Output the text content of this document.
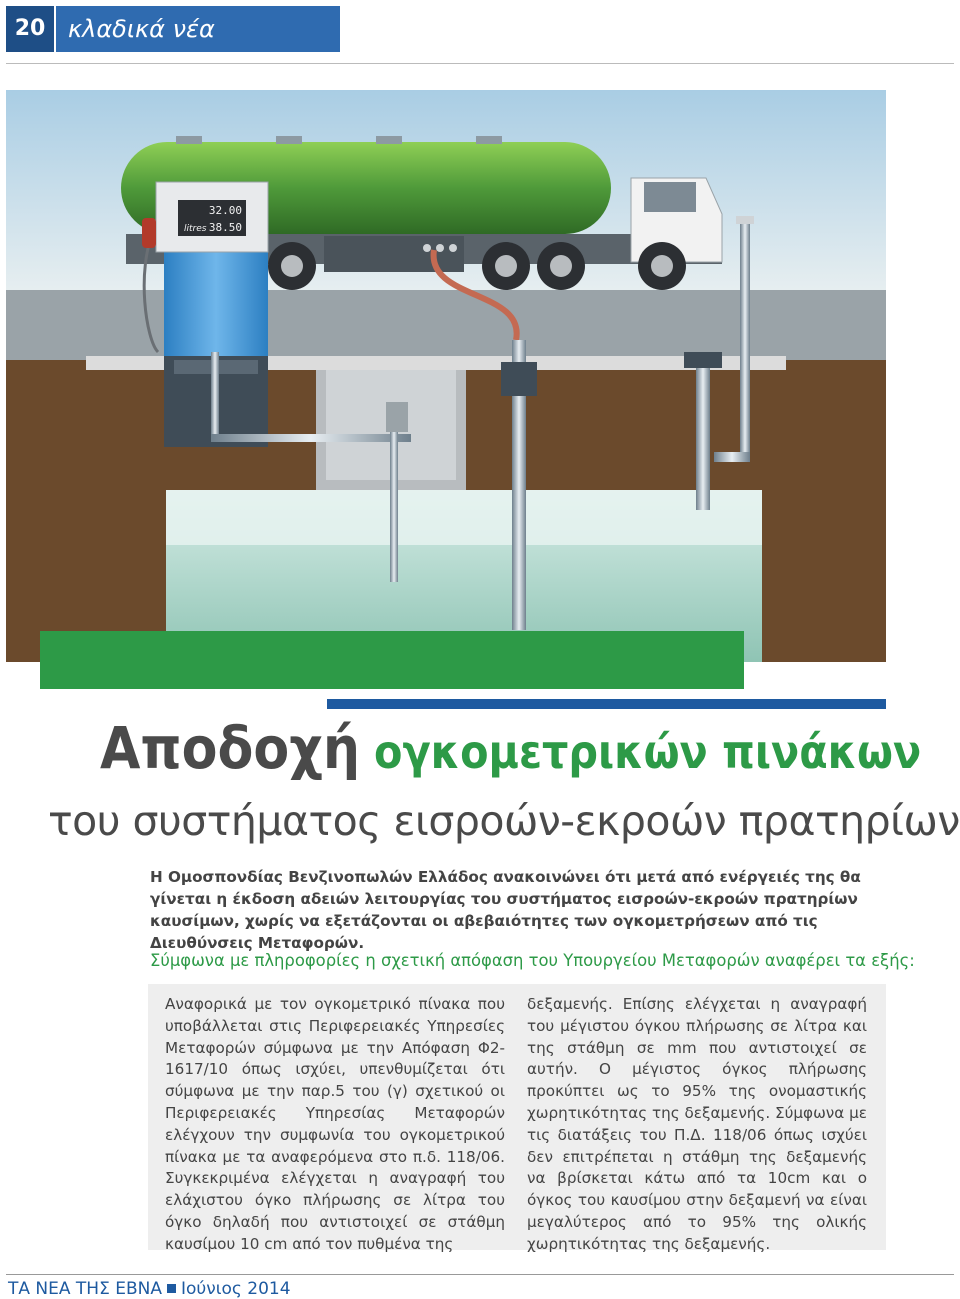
20 κλαδικά νέα
32.00
litres 38.50
Αποδοχή ογκομετρικών πινάκων
του συστήματος εισροών-εκροών πρατηρίων
Η Ομοσπονδίας Βενζινοπωλών Ελλάδος ανακοινώνει ότι μετά από ενέργειές της θα γίνεται η έκδοση αδειών λειτουργίας του συστήματος εισροών-εκροών πρατηρίων καυσίμων, χωρίς να εξετάζονται οι αβεβαιότητες των ογκομετρήσεων από τις Διευθύνσεις Μεταφορών.
Σύμφωνα με πληροφορίες η σχετική απόφαση του Υπουργείου Μεταφορών αναφέρει τα εξής:
Αναφορικά με τον ογκομετρικό πίνακα που υποβάλλεται στις Περιφερειακές Υπηρεσίες Μεταφορών σύμφωνα με την Απόφαση Φ2-1617/10 όπως ισχύει, υπενθυμίζεται ότι σύμφωνα με την παρ.5 του (γ) σχετικού οι Περιφερειακές Υπηρεσίας Μεταφορών ελέγχουν την συμφωνία του ογκομετρικού πίνακα με τα αναφερόμενα στο π.δ. 118/06. Συγκεκριμένα ελέγχεται η αναγραφή του ελάχιστου όγκο πλήρωσης σε λίτρα του όγκο δηλαδή που αντιστοιχεί σε στάθμη καυσίμου 10 cm από τον πυθμένα της
δεξαμενής. Επίσης ελέγχεται η αναγραφή του μέγιστου όγκου πλήρωσης σε λίτρα και της στάθμη σε mm που αντιστοιχεί σε αυτήν. Ο μέγιστος όγκος πλήρωσης προκύπτει ως το 95% της ονομαστικής χωρητικότητας της δεξαμενής. Σύμφωνα με τις διατάξεις του Π.Δ. 118/06 όπως ισχύει δεν επιτρέπεται η στάθμη της δεξαμενής να βρίσκεται κάτω από τα 10cm και ο όγκος του καυσίμου στην δεξαμενή να είναι μεγαλύτερος από το 95% της ολικής χωρητικότητας της δεξαμενής.
ΤΑ ΝΕΑ ΤΗΣ ΕΒΝΑ Ιούνιος 2014
